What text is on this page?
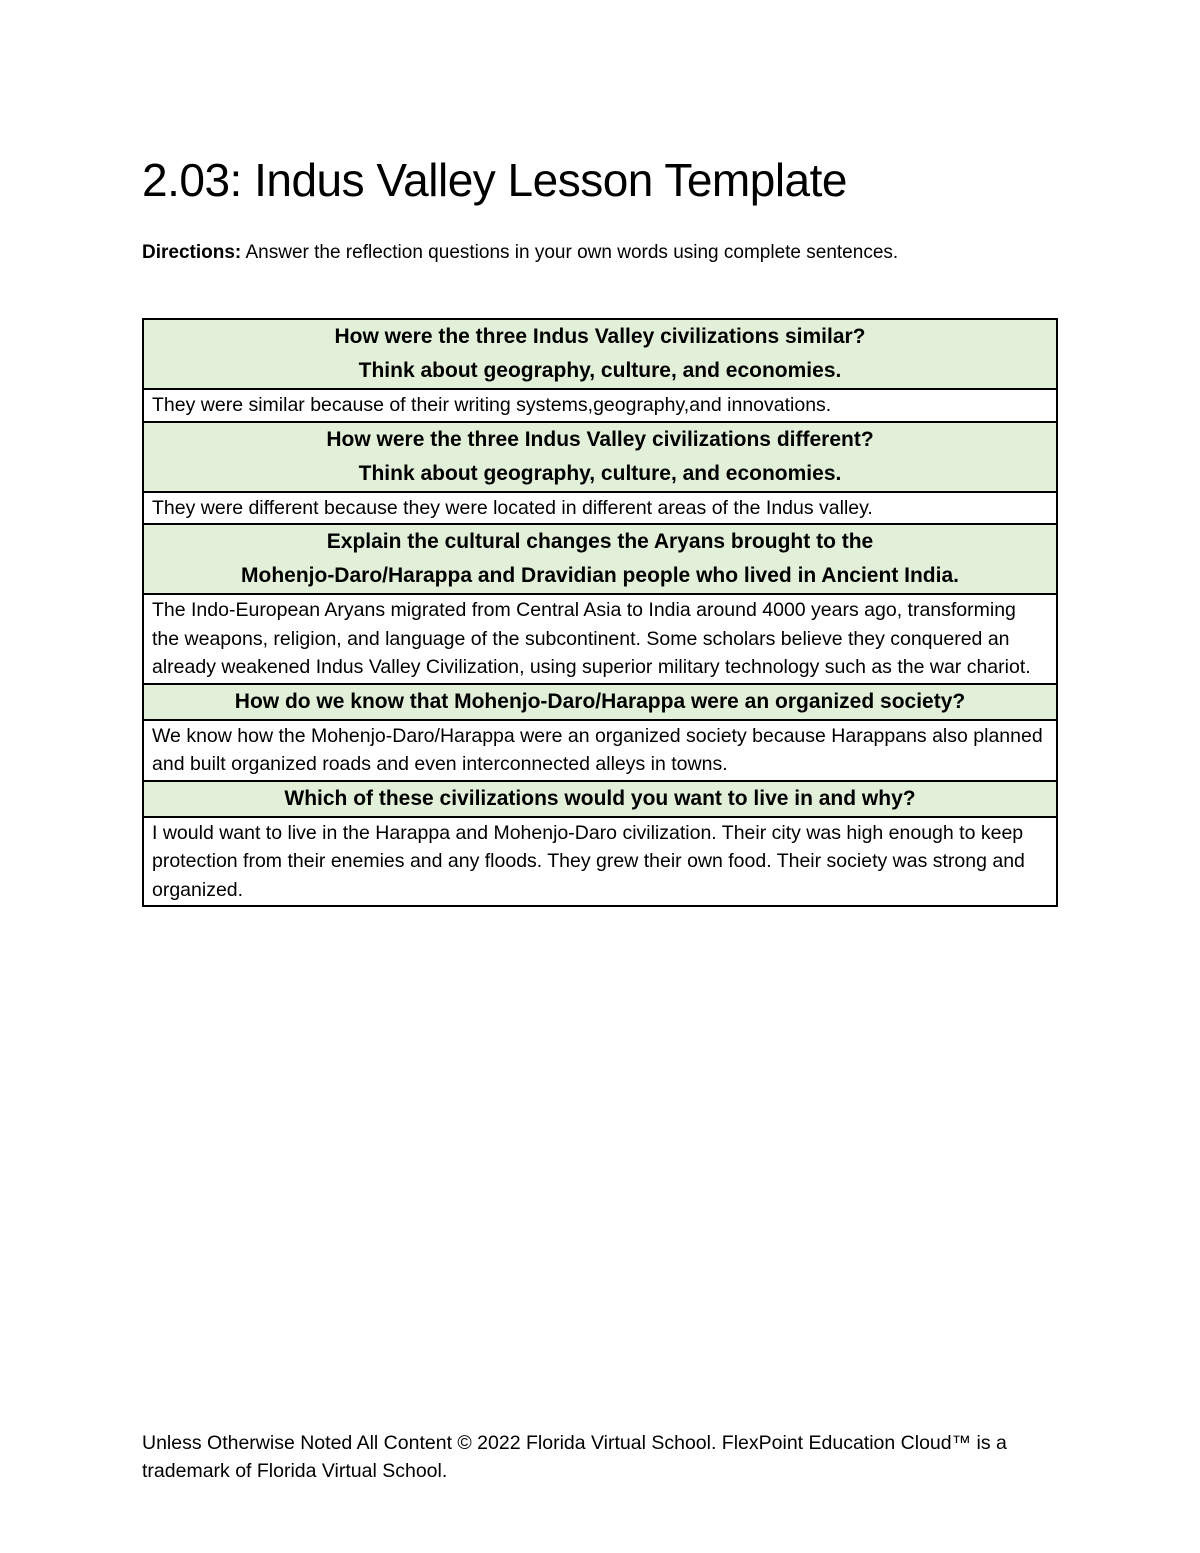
2.03: Indus Valley Lesson Template

Directions: Answer the reflection questions in your own words using complete sentences.

How were the three Indus Valley civilizations similar?
Think about geography, culture, and economies.

They were similar because of their writing systems,geography,and innovations.

How were the three Indus Valley civilizations different?
Think about geography, culture, and economies.

They were different because they were located in different areas of the Indus valley.

Explain the cultural changes the Aryans brought to the
Mohenjo-Daro/Harappa and Dravidian people who lived in Ancient India.

The Indo-European Aryans migrated from Central Asia to India around 4000 years ago, transforming the weapons, religion, and language of the subcontinent. Some scholars believe they conquered an already weakened Indus Valley Civilization, using superior military technology such as the war chariot.

How do we know that Mohenjo-Daro/Harappa were an organized society?

We know how the Mohenjo-Daro/Harappa were an organized society because Harappans also planned and built organized roads and even interconnected alleys in towns.

Which of these civilizations would you want to live in and why?

I would want to live in the Harappa and Mohenjo-Daro civilization. Their city was high enough to keep protection from their enemies and any floods. They grew their own food. Their society was strong and organized.

Unless Otherwise Noted All Content © 2022 Florida Virtual School. FlexPoint Education Cloud™ is a trademark of Florida Virtual School.
